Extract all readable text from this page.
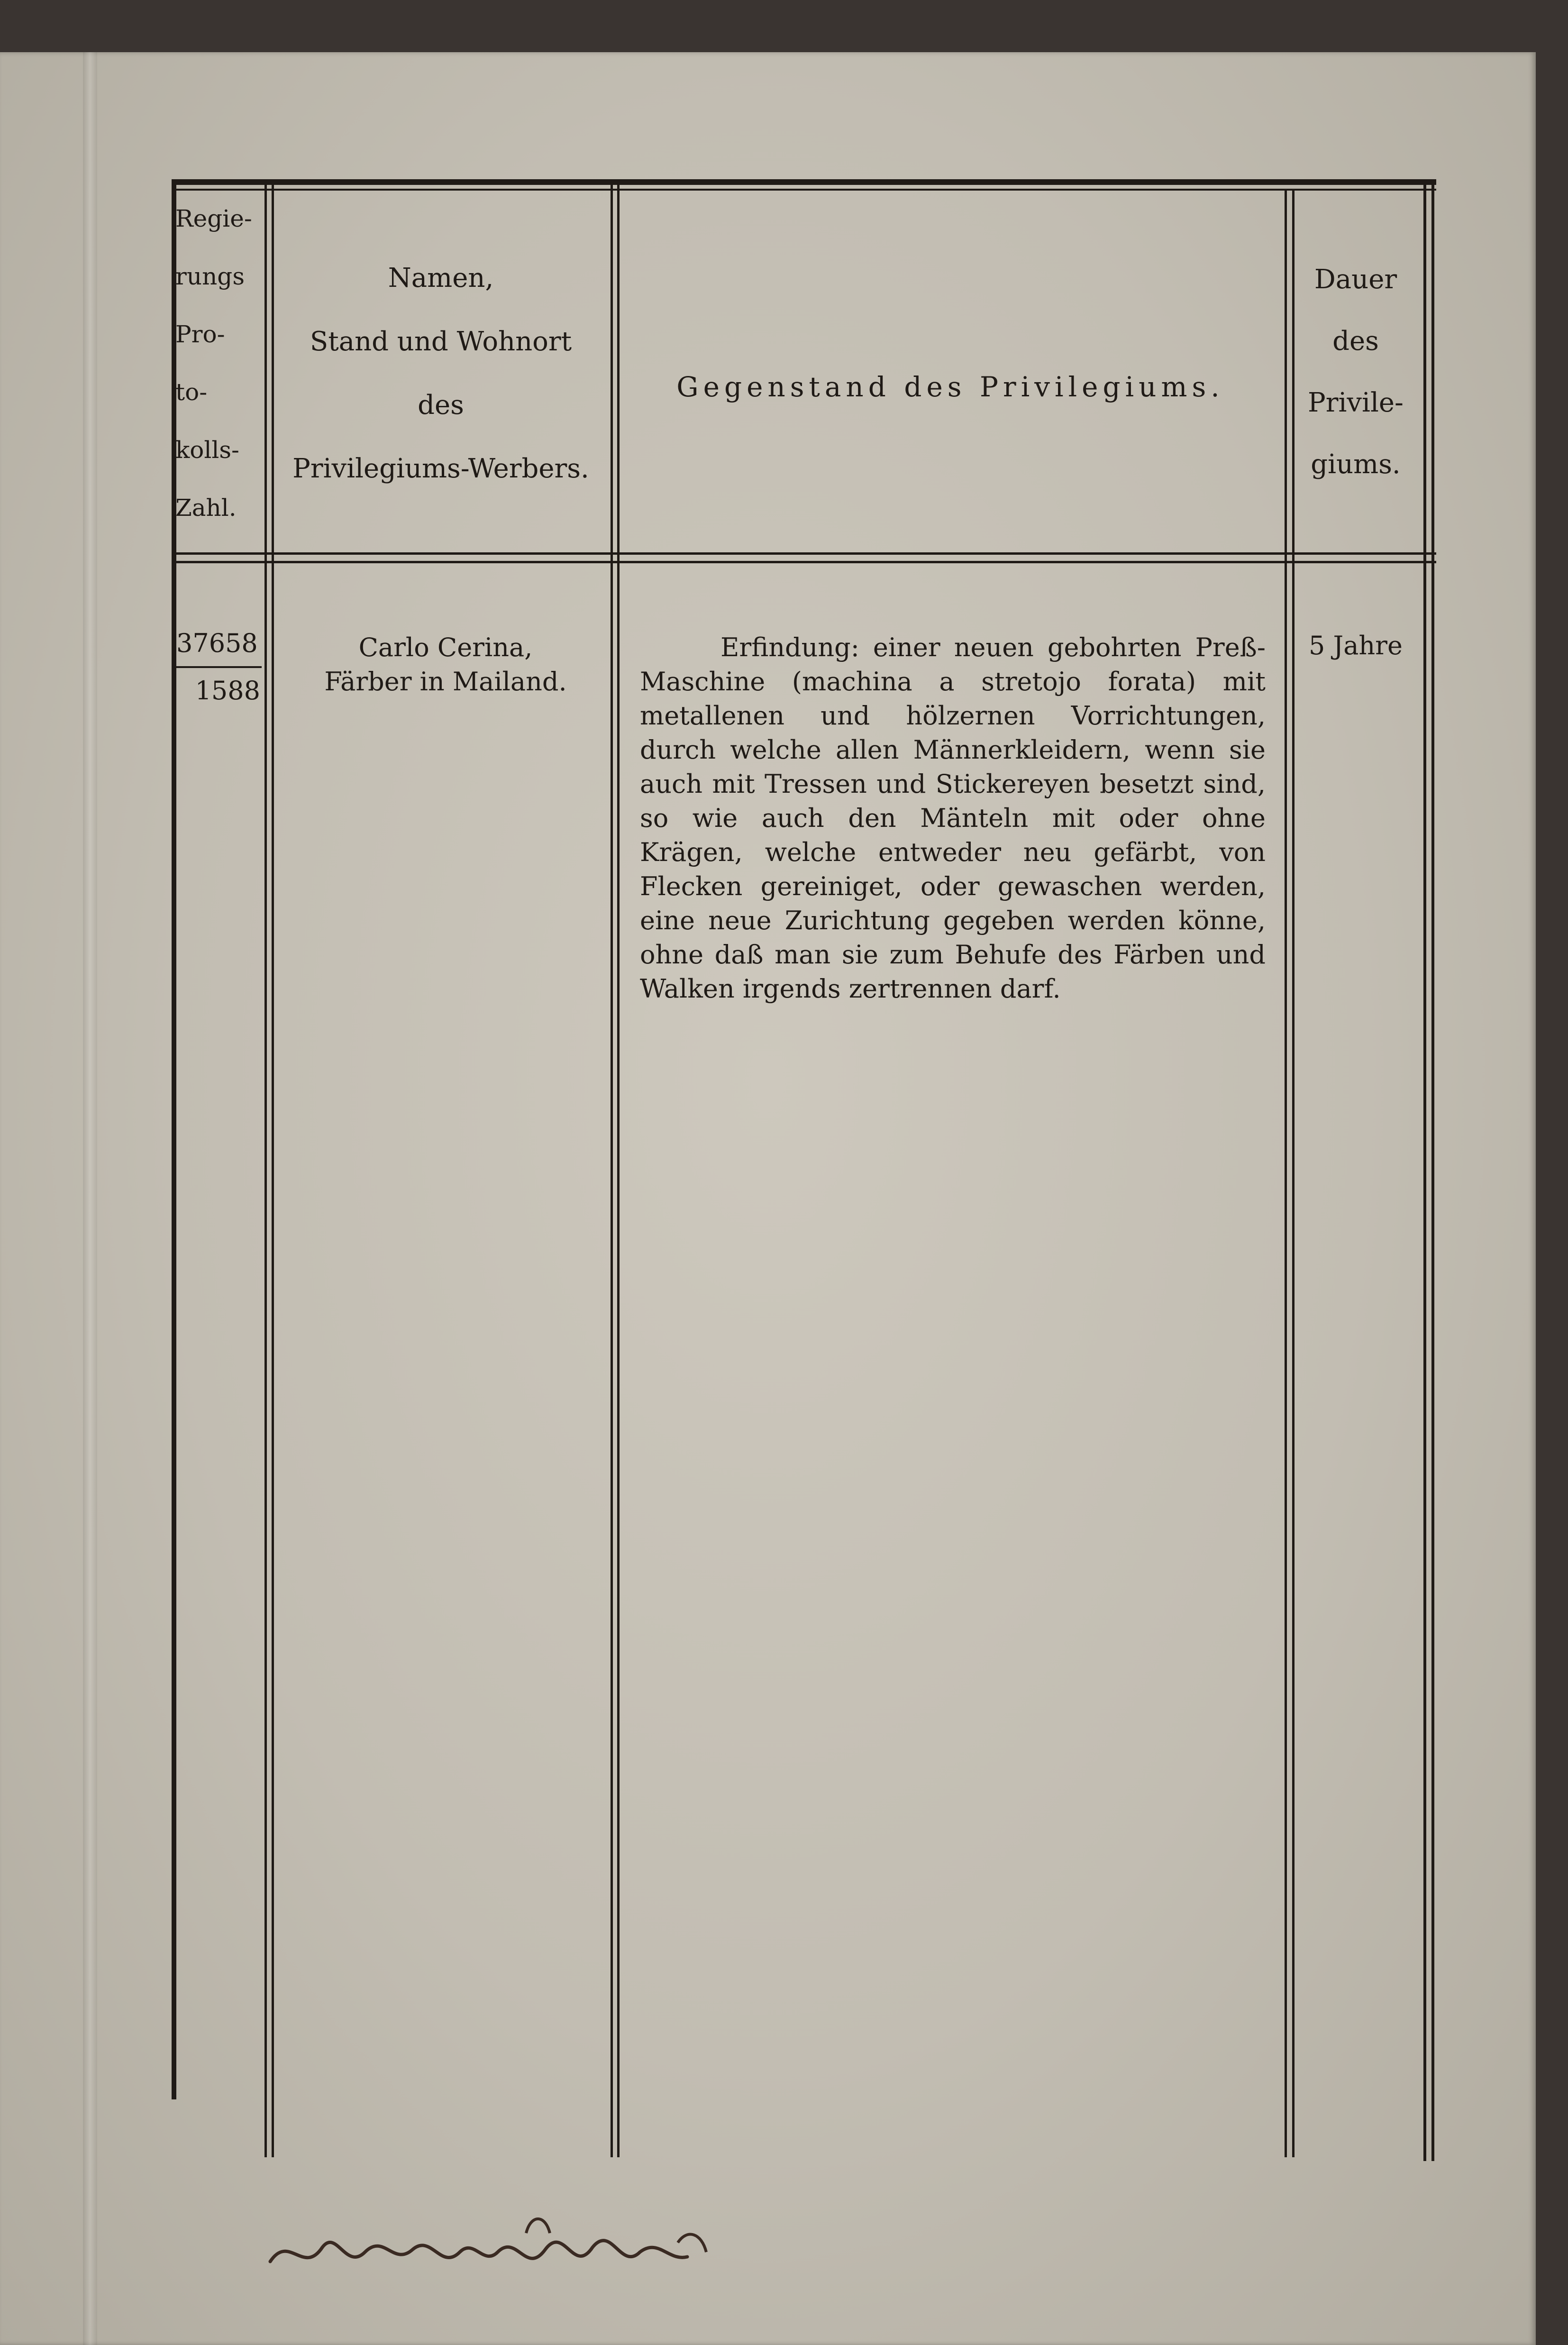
Regie-
rungs
Pro-
to-
kolls-
Zahl.
Namen,
Stand und Wohnort
des
Privilegiums-Werbers.
Gegenstand des Privilegiums.
Dauer
des
Privile-
giums.
37658
1588
Carlo Cerina,
Färber in Mailand.
Erfindung: einer neuen gebohrten Preß-Maschine (machina a stretojo forata) mit metallenen und hölzernen Vorrichtungen, durch welche allen Männerkleidern, wenn sie auch mit Tressen und Stickereyen besetzt sind, so wie auch den Mänteln mit oder ohne Krägen, welche entweder neu gefärbt, von Flecken gereiniget, oder gewaschen werden, eine neue Zurichtung gegeben werden könne, ohne daß man sie zum Behufe des Färben und Walken irgends zertrennen darf.
5 Jahre
